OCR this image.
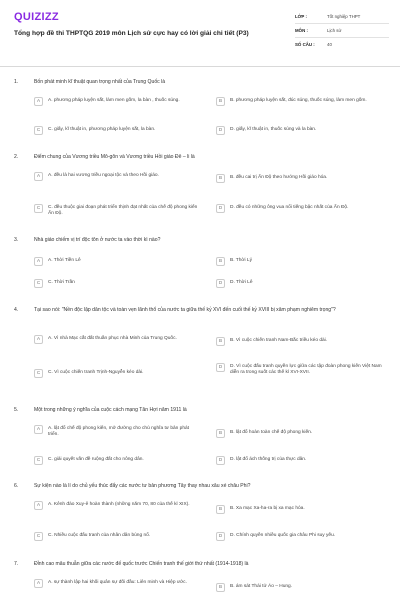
QUIZIZZ
Tổng hợp đề thi THPTQG 2019 môn Lịch sử cực hay có lời giải chi tiết (P3)
LỚP :	Tốt nghiệp THPT
MÔN :	Lịch sử
SỐ CÂU :	40
1.	Bốn phát minh kĩ thuật quan trọng nhất của Trung Quốc là
A	A. phương pháp luyện sắt, làm men gốm, la bàn , thuốc súng.	B	B. phương pháp luyện sắt, đúc súng, thuốc súng, làm men gốm.
C	C. giấy, kĩ thuật in, phương pháp luyện sắt, la bàn.	D	D. giấy, kĩ thuật in, thuốc súng và la bàn.
2.	Điểm chung của Vương triều Mô-gôn và Vương triều Hồi giáo Đê – li là
A	A. đều là hai vương triều ngoại tộc và theo Hồi giáo.	B	B. đều cai trị Ấn Độ theo hướng Hồi giáo hóa.
C	C. đều thuộc giai đoạn phát triển thịnh đạt nhất của chế độ phong kiến Ấn Độ.
D	D. đều có những ông vua nổi tiếng bậc nhất của Ấn Độ.
3.	Nhà giáo chiếm vị trí độc tôn ở nước ta vào thời kì nào?
A	A. Thời Tiền Lê	B	B. Thời Lý
C	C. Thời Trần	D	D. Thời Lê
4.	Tại sao nói: "Nền độc lập dân tộc và toàn vẹn lãnh thổ của nước ta giữa thế kỷ XVI đến cuối thế kỷ XVIII bị xâm phạm nghiêm trọng"?
A	A. Vì nhà Mạc cắt đất thuần phục nhà Minh của Trung Quốc.	B	B. Vì cuộc chiến tranh Nam-Bắc triều kéo dài.
C	C. Vì cuộc chiến tranh Trịnh-Nguyễn kéo dài.
D	D. Vì cuộc đấu tranh quyền lực giữa các tập đoàn phong kiến Việt Nam diễn ra trong suốt các thế kỉ XVI-XVII.
5.	Một trong những ý nghĩa của cuộc cách mạng Tân Hợi năm 1911 là
A	A. lật đổ chế độ phong kiến, mở đường cho chủ nghĩa tư bản phát triển.	B	B. lật đổ hoàn toàn chế độ phong kiến.
C	C. giải quyết vấn đề ruộng đất cho nông dân.	D	D. lật đổ ách thống trị của thực dân.
6.	Sự kiện nào là lí do chủ yếu thúc đẩy các nước tư bản phương Tây thay nhau xâu xé châu Phi?
A	A. Kênh đào Xuy-ê hoàn thành (những năm 70, 80 của thế kỉ XIX).
B	B. Xa mạc Xa-ha-ra bị xa mạc hóa.
C	C. Nhiều cuộc đấu tranh của nhân dân bùng nổ.	D	D. Chính quyền nhiều quốc gia châu Phi suy yếu.
7.	Đỉnh cao mâu thuẫn giữa các nước đế quốc trước Chiến tranh thế giới thứ nhất (1914-1918) là
A	A. sự thành lập hai khối quân sự đối đầu: Liên minh và Hiệp ước.
B	B. ám sát Thái tử Áo – Hung.
